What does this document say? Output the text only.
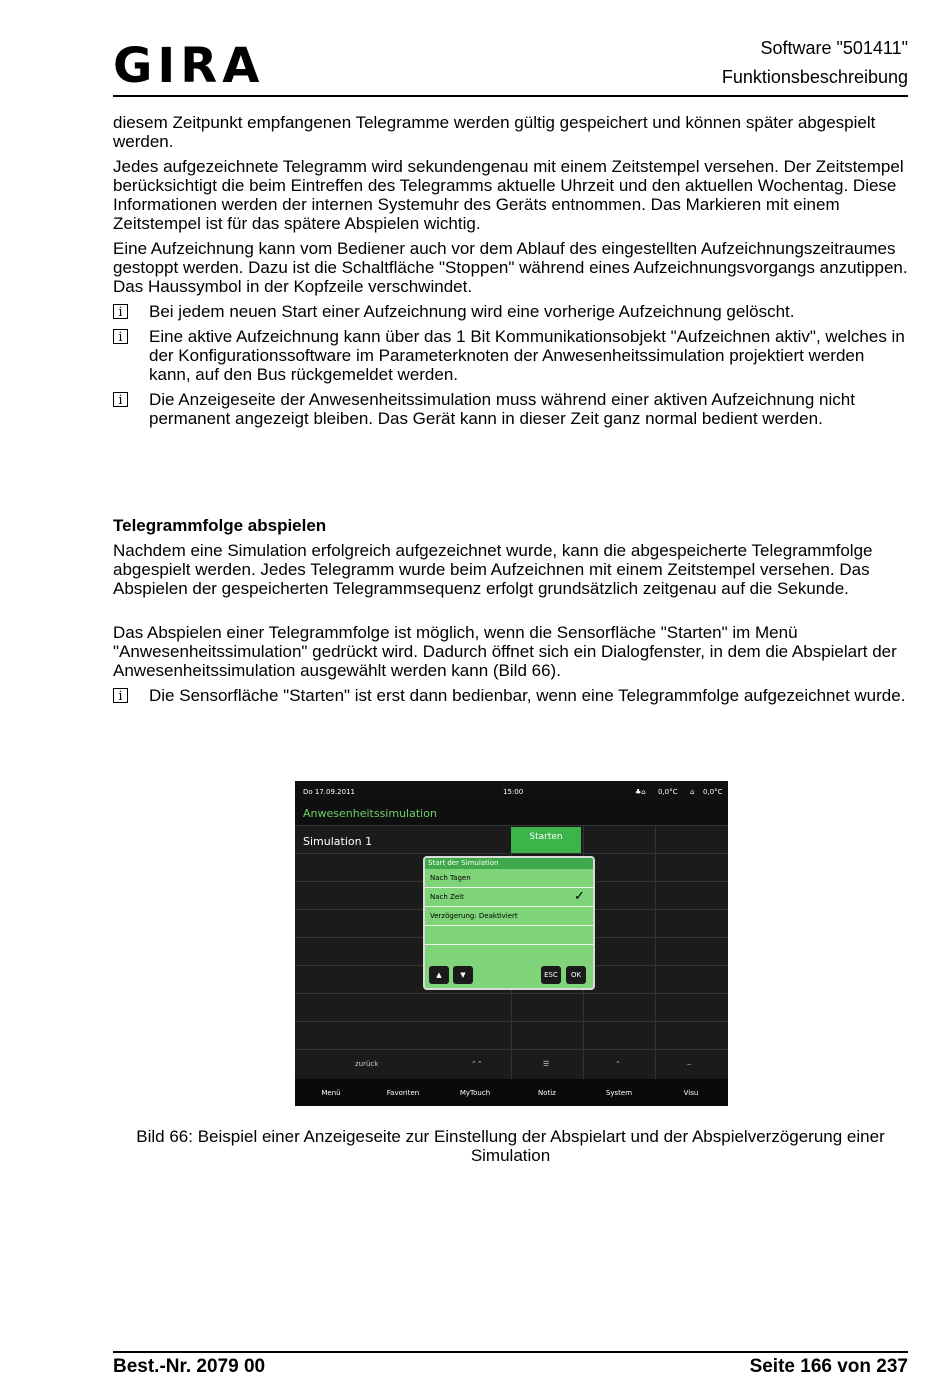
GIRA	Software "501411"
Funktionsbeschreibung

diesem Zeitpunkt empfangenen Telegramme werden gültig gespeichert und können später abgespielt werden.

Jedes aufgezeichnete Telegramm wird sekundengenau mit einem Zeitstempel versehen. Der Zeitstempel berücksichtigt die beim Eintreffen des Telegramms aktuelle Uhrzeit und den aktuellen Wochentag. Diese Informationen werden der internen Systemuhr des Geräts entnommen. Das Markieren mit einem Zeitstempel ist für das spätere Abspielen wichtig.

Eine Aufzeichnung kann vom Bediener auch vor dem Ablauf des eingestellten Aufzeichnungszeitraumes gestoppt werden. Dazu ist die Schaltfläche "Stoppen" während eines Aufzeichnungsvorgangs anzutippen. Das Haussymbol in der Kopfzeile verschwindet.

i	Bei jedem neuen Start einer Aufzeichnung wird eine vorherige Aufzeichnung gelöscht.
i	Eine aktive Aufzeichnung kann über das 1 Bit Kommunikationsobjekt "Aufzeichnen aktiv", welches in der Konfigurationssoftware im Parameterknoten der Anwesenheitssimulation projektiert werden kann, auf den Bus rückgemeldet werden.
i	Die Anzeigeseite der Anwesenheitssimulation muss während einer aktiven Aufzeichnung nicht permanent angezeigt bleiben. Das Gerät kann in dieser Zeit ganz normal bedient werden.

Telegrammfolge abspielen

Nachdem eine Simulation erfolgreich aufgezeichnet wurde, kann die abgespeicherte Telegrammfolge abgespielt werden. Jedes Telegramm wurde beim Aufzeichnen mit einem Zeitstempel versehen. Das Abspielen der gespeicherten Telegrammsequenz erfolgt grundsätzlich zeitgenau auf die Sekunde.

Das Abspielen einer Telegrammfolge ist möglich, wenn die Sensorfläche "Starten" im Menü "Anwesenheitssimulation" gedrückt wird. Dadurch öffnet sich ein Dialogfenster, in dem die Abspielart der Anwesenheitssimulation ausgewählt werden kann (Bild 66).

i	Die Sensorfläche "Starten" ist erst dann bedienbar, wenn eine Telegrammfolge aufgezeichnet wurde.
Do 17.09.2011	15:00	♣⌂ 0,0°C ⌂ 0,0°C
Anwesenheitssimulation
Simulation 1	Starten
Start der Simulation
Nach Tagen
Nach Zeit	✓
Verzögerung: Deaktiviert
▲	▼	ESC	OK
zurück	⌃⌃	☰	⌃	‒
Menü	Favoriten	MyTouch	Notiz	System	Visu
Bild 66: Beispiel einer Anzeigeseite zur Einstellung der Abspielart und der Abspielverzögerung einer Simulation
Best.-Nr. 2079 00	Seite 166 von 237
